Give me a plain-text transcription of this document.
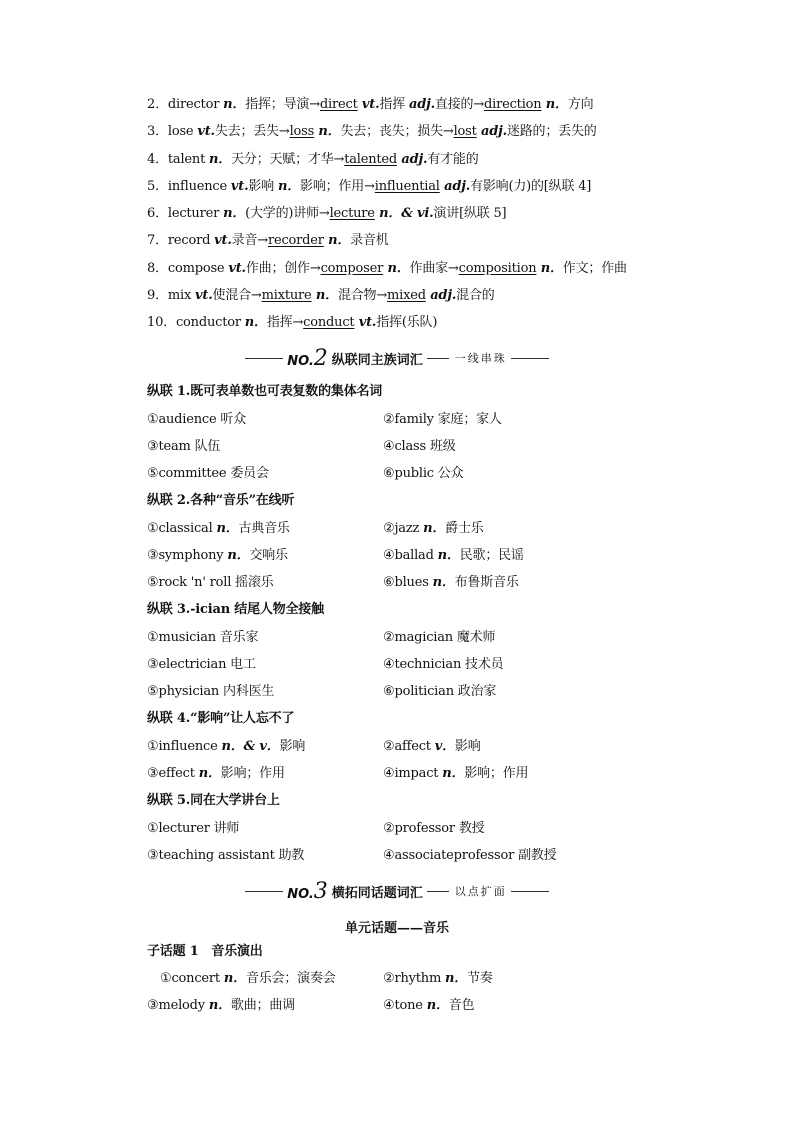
2．director n．指挥；导演→direct vt.指挥 adj.直接的→direction n．方向
3．lose vt.失去；丢失→loss n．失去；丧失；损失→lost adj.迷路的；丢失的
4．talent n．天分；天赋；才华→talented adj.有才能的
5．influence vt.影响 n．影响；作用→influential adj.有影响(力)的[纵联 4]
6．lecturer n．(大学的)讲师→lecture n．& vi.演讲[纵联 5]
7．record vt.录音→recorder n．录音机
8．compose vt.作曲；创作→composer n．作曲家→composition n．作文；作曲
9．mix vt.使混合→mixture n．混合物→mixed adj.混合的
10．conductor n．指挥→conduct vt.指挥(乐队)
NO.2 纵联同主族词汇	一线串珠
纵联 1.既可表单数也可表复数的集体名词
①audience 听众	②family 家庭；家人
③team 队伍	④class 班级
⑤committee 委员会	⑥public 公众
纵联 2.各种“音乐”在线听
①classical n．古典音乐	②jazz n．爵士乐
③symphony n．交响乐	④ballad n．民歌；民谣
⑤rock 'n' roll 摇滚乐	⑥blues n．布鲁斯音乐
纵联 3.-ician 结尾人物全接触
①musician 音乐家	②magician 魔术师
③electrician 电工	④technician 技术员
⑤physician 内科医生	⑥politician 政治家
纵联 4.“影响”让人忘不了
①influence n．& v．影响	②affect v．影响
③effect n．影响；作用	④impact n．影响；作用
纵联 5.同在大学讲台上
①lecturer 讲师	②professor 教授
③teaching assistant 助教	④associateprofessor 副教授
NO.3 横拓同话题词汇	以点扩面
单元话题——音乐
子话题 1　 音乐演出
①concert n．音乐会；演奏会	②rhythm n．节奏
③melody n．歌曲；曲调	④tone n．音色
